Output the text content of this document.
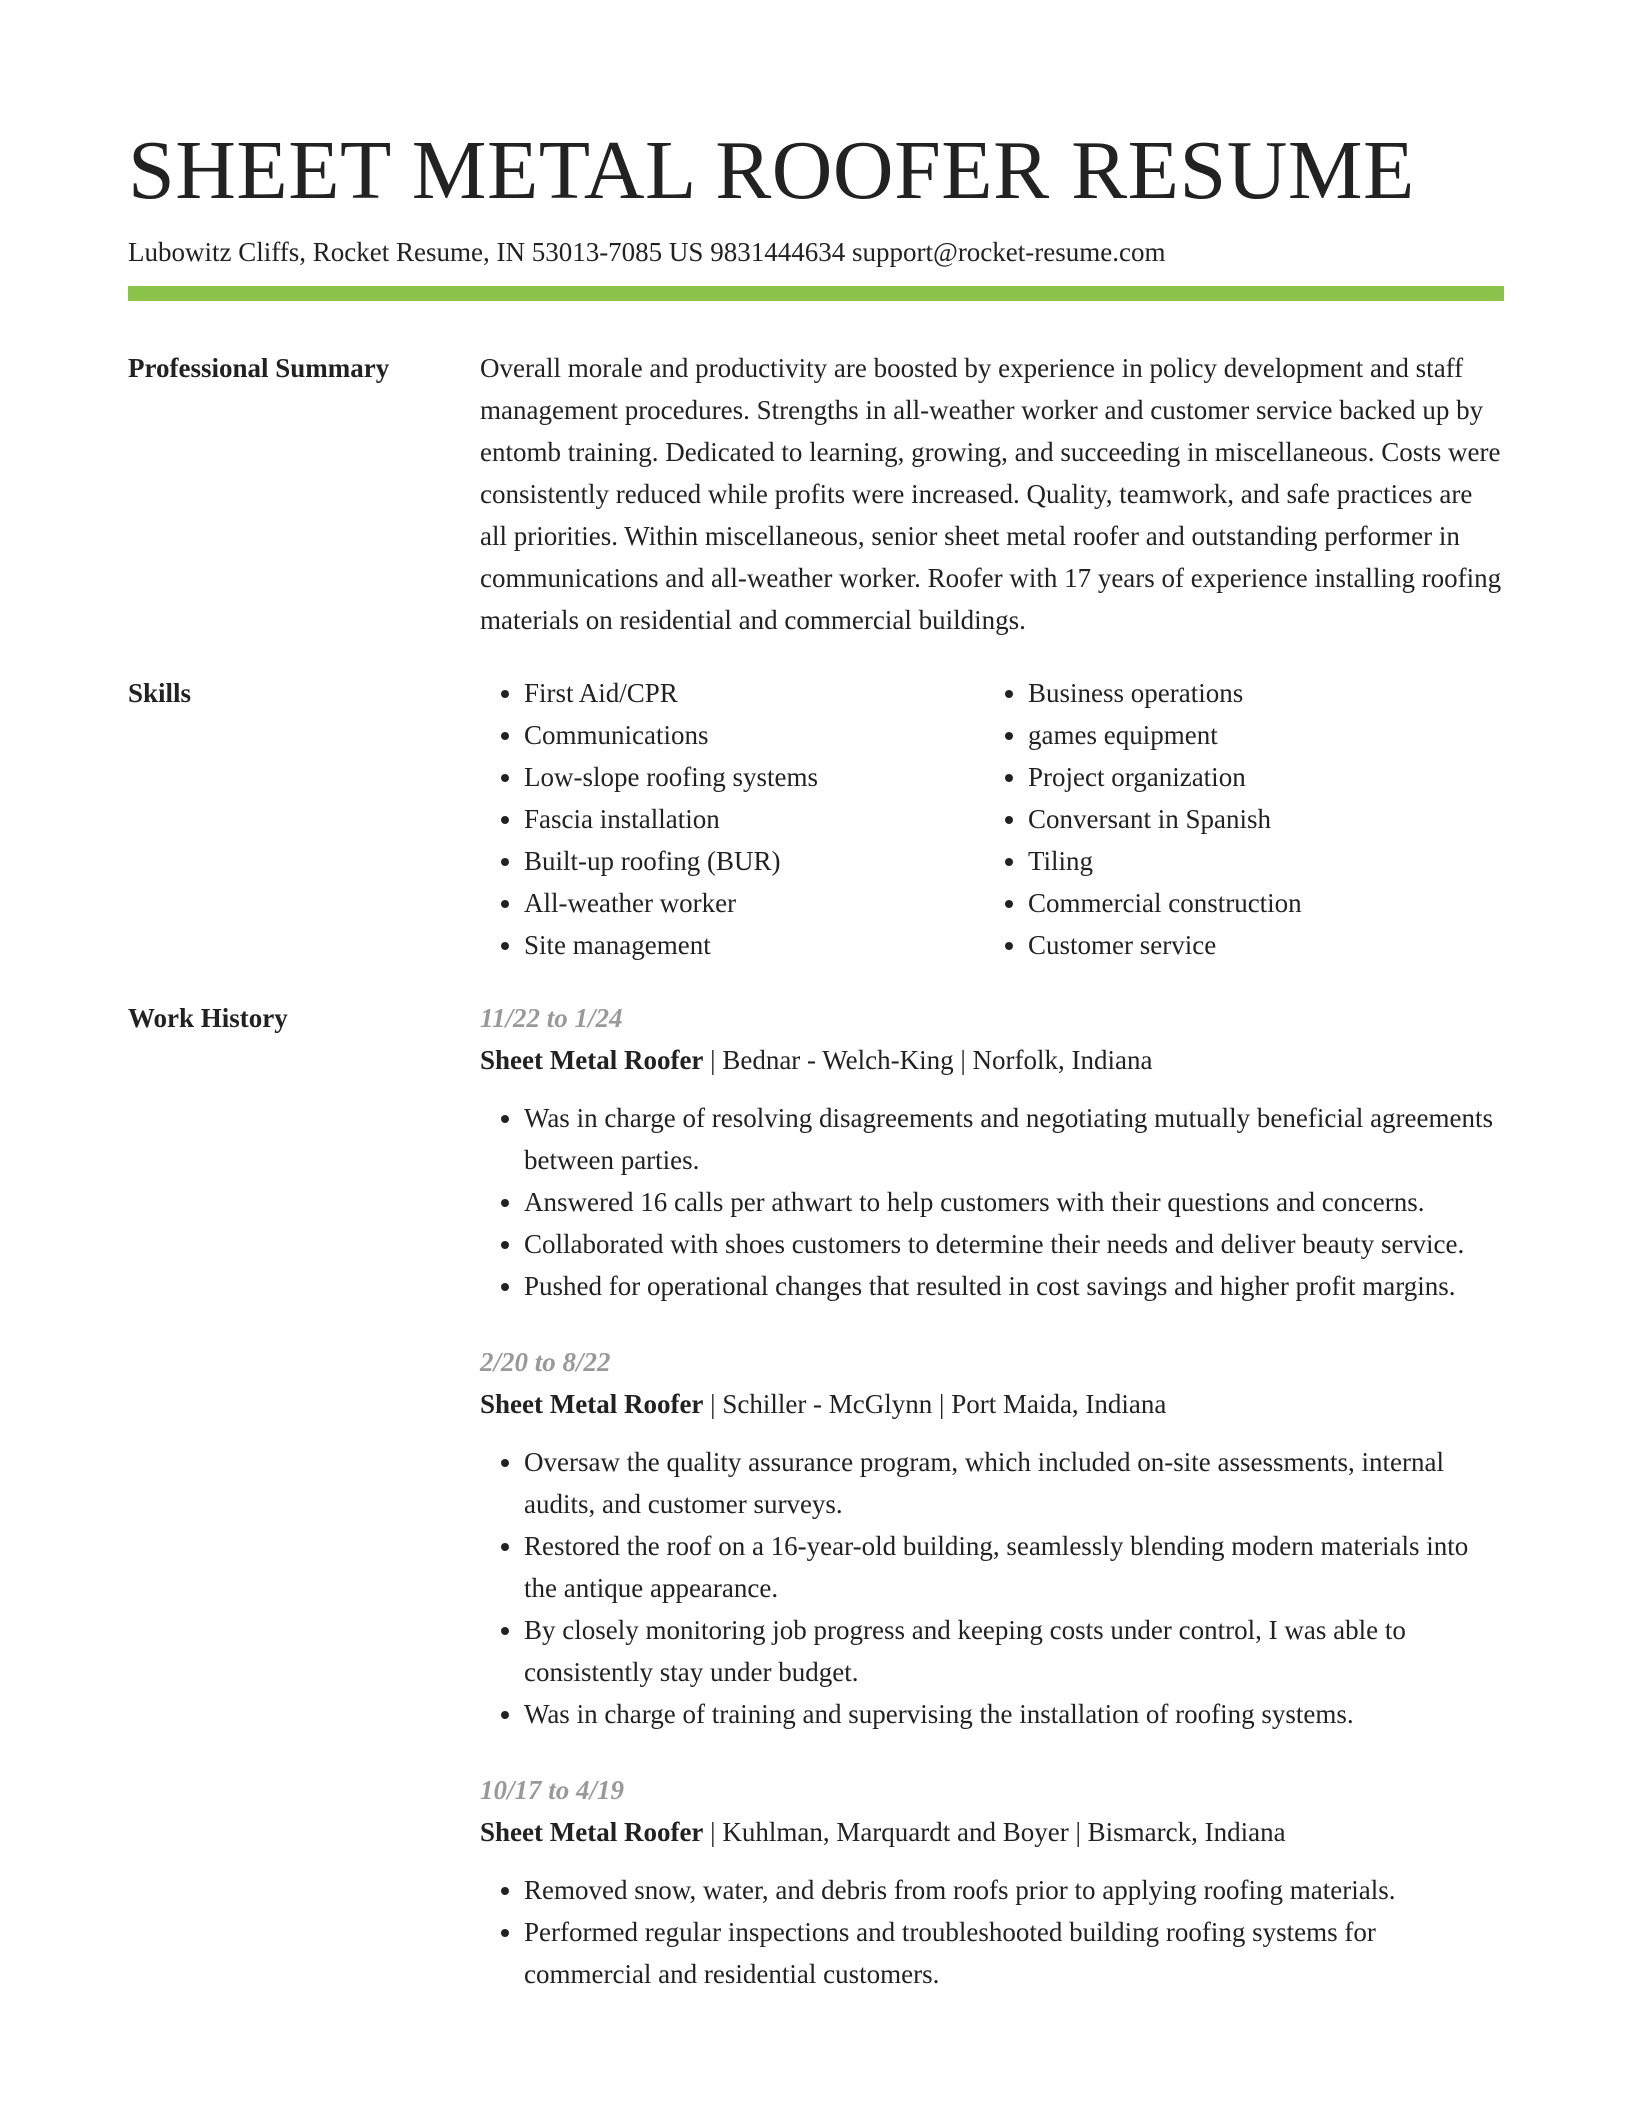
SHEET METAL ROOFER RESUME
Lubowitz Cliffs, Rocket Resume, IN 53013-7085 US 9831444634 support@rocket-resume.com
Professional Summary	Overall morale and productivity are boosted by experience in policy development and staff management procedures. Strengths in all-weather worker and customer service backed up by entomb training. Dedicated to learning, growing, and succeeding in miscellaneous. Costs were consistently reduced while profits were increased. Quality, teamwork, and safe practices are all priorities. Within miscellaneous, senior sheet metal roofer and outstanding performer in communications and all-weather worker. Roofer with 17 years of experience installing roofing materials on residential and commercial buildings.

Skills
•	First Aid/CPR
• Communications
• Low-slope roofing systems
• Fascia installation
• Built-up roofing (BUR)
• All-weather worker
• Site management
• Business operations
• games equipment
• Project organization
• Conversant in Spanish
• Tiling
• Commercial construction
• Customer service
Work History	11/22 to 1/24
Sheet Metal Roofer | Bednar - Welch-King | Norfolk, Indiana
• Was in charge of resolving disagreements and negotiating mutually beneficial agreements between parties.
• Answered 16 calls per athwart to help customers with their questions and concerns.
• Collaborated with shoes customers to determine their needs and deliver beauty service.
• Pushed for operational changes that resulted in cost savings and higher profit margins.
2/20 to 8/22
Sheet Metal Roofer | Schiller - McGlynn | Port Maida, Indiana
• Oversaw the quality assurance program, which included on-site assessments, internal audits, and customer surveys.
• Restored the roof on a 16-year-old building, seamlessly blending modern materials into the antique appearance.
• By closely monitoring job progress and keeping costs under control, I was able to consistently stay under budget.
• Was in charge of training and supervising the installation of roofing systems.
10/17 to 4/19
Sheet Metal Roofer | Kuhlman, Marquardt and Boyer | Bismarck, Indiana
• Removed snow, water, and debris from roofs prior to applying roofing materials.
• Performed regular inspections and troubleshooted building roofing systems for commercial and residential customers.
